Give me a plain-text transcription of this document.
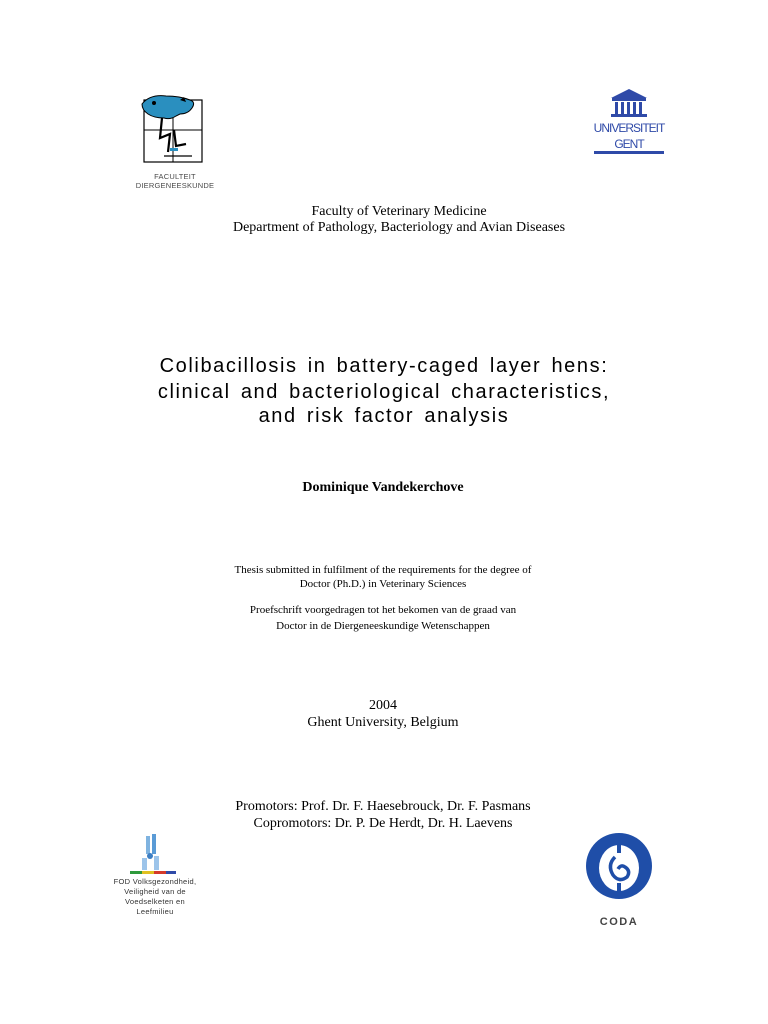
FACULTEIT
DIERGENEESKUNDE
UNIVERSITEIT
GENT
Faculty of Veterinary Medicine
Department of Pathology, Bacteriology and Avian Diseases
Colibacillosis in battery-caged layer hens:
clinical and bacteriological characteristics,
and risk factor analysis
Dominique Vandekerchove
Thesis submitted in fulfilment of the requirements for the degree of
Doctor (Ph.D.) in Veterinary Sciences
Proefschrift voorgedragen tot het bekomen van de graad van
Doctor in de Diergeneeskundige Wetenschappen
2004
Ghent University, Belgium
Promotors: Prof. Dr. F. Haesebrouck, Dr. F. Pasmans
Copromotors: Dr. P. De Herdt, Dr. H. Laevens
FOD Volksgezondheid,
Veiligheid van de
Voedselketen en
Leefmilieu
CODA
